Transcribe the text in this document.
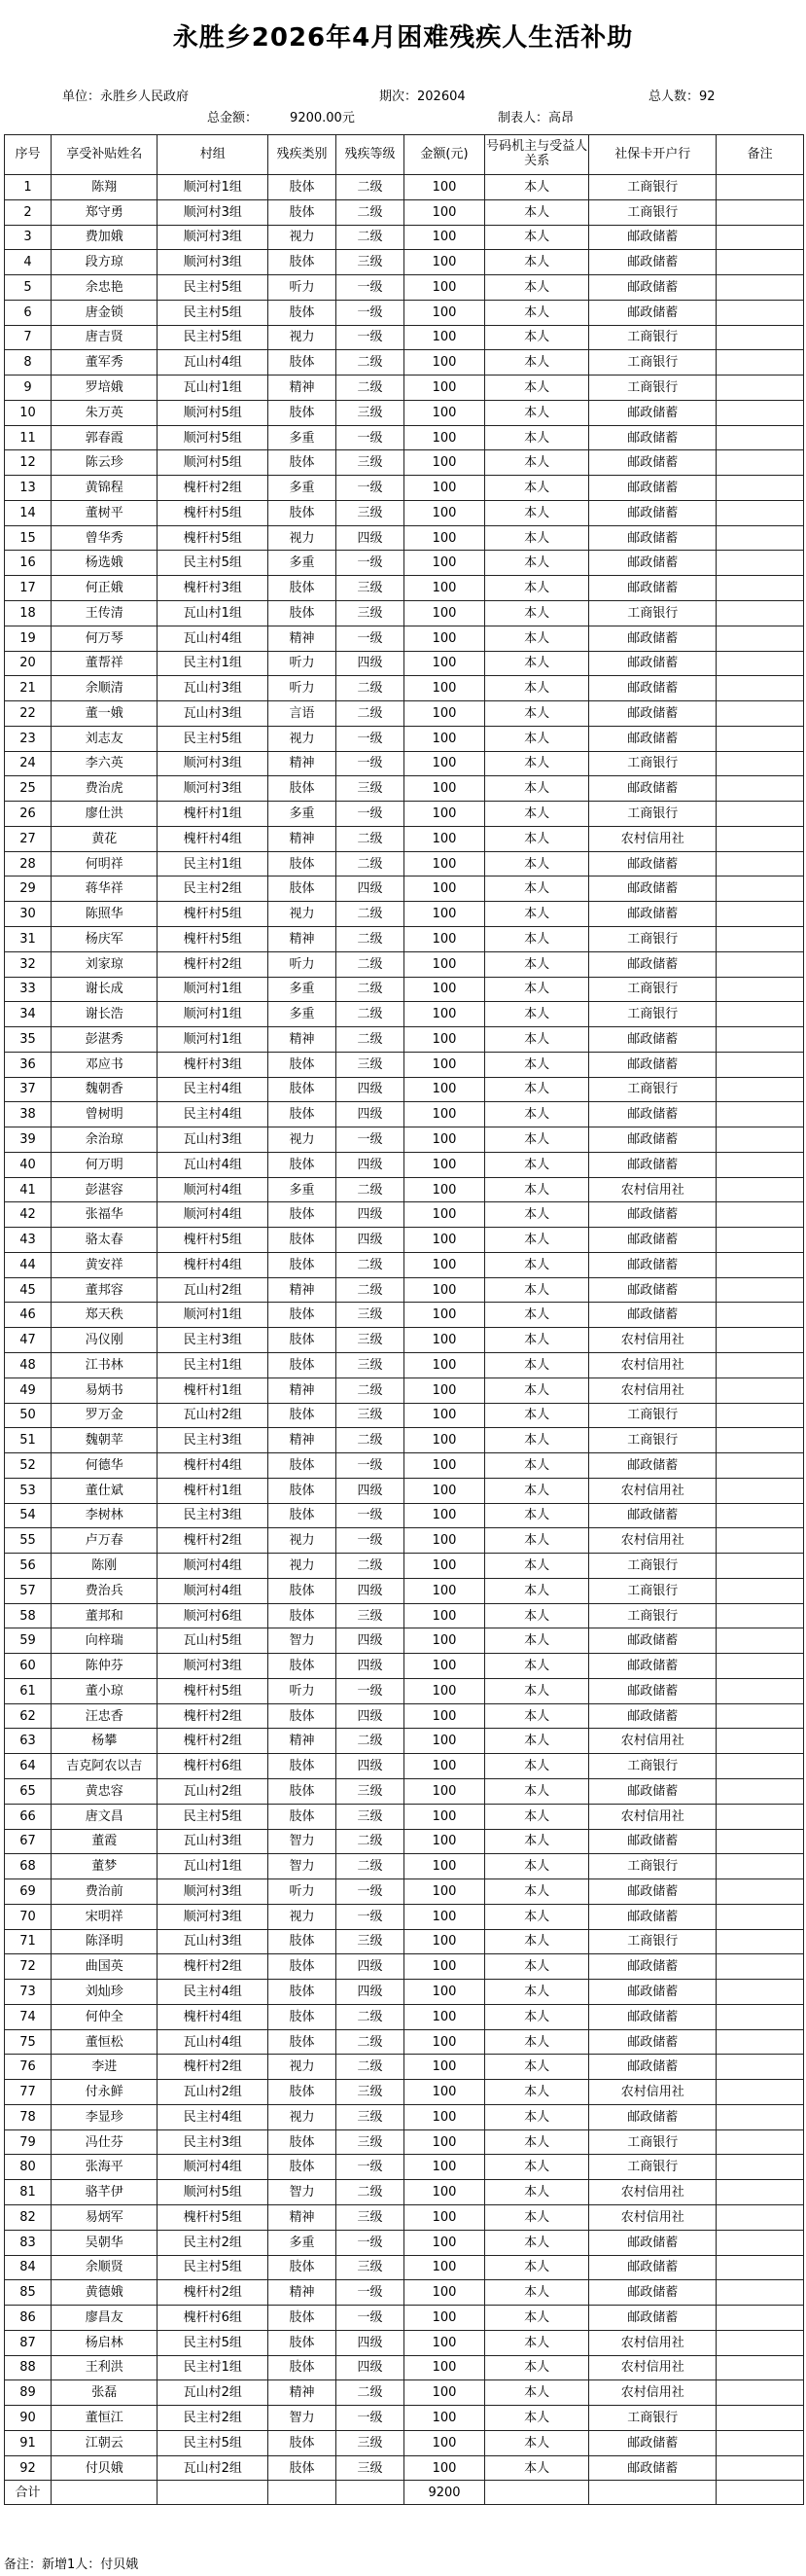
永胜乡2026年4月困难残疾人生活补助
单位：永胜乡人民政府	期次：202604	总人数：92
总金额：        9200.00元	制表人：高昂
序号	享受补贴姓名	村组	残疾类别	残疾等级	金额(元)	号码机主与受益人关系	社保卡开户行	备注
1	陈翔	顺河村1组	肢体	二级	100	本人	工商银行	
2	郑守勇	顺河村3组	肢体	二级	100	本人	工商银行	
3	费加娥	顺河村3组	视力	二级	100	本人	邮政储蓄	
4	段方琼	顺河村3组	肢体	三级	100	本人	邮政储蓄	
5	余忠艳	民主村5组	听力	一级	100	本人	邮政储蓄	
6	唐金锁	民主村5组	肢体	一级	100	本人	邮政储蓄	
7	唐吉贤	民主村5组	视力	一级	100	本人	工商银行	
8	董军秀	瓦山村4组	肢体	二级	100	本人	工商银行	
9	罗培娥	瓦山村1组	精神	二级	100	本人	工商银行	
10	朱万英	顺河村5组	肢体	三级	100	本人	邮政储蓄	
11	郭春霞	顺河村5组	多重	一级	100	本人	邮政储蓄	
12	陈云珍	顺河村5组	肢体	三级	100	本人	邮政储蓄	
13	黄锦程	槐杆村2组	多重	一级	100	本人	邮政储蓄	
14	董树平	槐杆村5组	肢体	三级	100	本人	邮政储蓄	
15	曾华秀	槐杆村5组	视力	四级	100	本人	邮政储蓄	
16	杨选娥	民主村5组	多重	一级	100	本人	邮政储蓄	
17	何正娥	槐杆村3组	肢体	三级	100	本人	邮政储蓄	
18	王传清	瓦山村1组	肢体	三级	100	本人	工商银行	
19	何万琴	瓦山村4组	精神	一级	100	本人	邮政储蓄	
20	董帮祥	民主村1组	听力	四级	100	本人	邮政储蓄	
21	余顺清	瓦山村3组	听力	二级	100	本人	邮政储蓄	
22	董一娥	瓦山村3组	言语	二级	100	本人	邮政储蓄	
23	刘志友	民主村5组	视力	一级	100	本人	邮政储蓄	
24	李六英	顺河村3组	精神	一级	100	本人	工商银行	
25	费治虎	顺河村3组	肢体	三级	100	本人	邮政储蓄	
26	廖仕洪	槐杆村1组	多重	一级	100	本人	工商银行	
27	黄花	槐杆村4组	精神	二级	100	本人	农村信用社	
28	何明祥	民主村1组	肢体	二级	100	本人	邮政储蓄	
29	蒋华祥	民主村2组	肢体	四级	100	本人	邮政储蓄	
30	陈照华	槐杆村5组	视力	二级	100	本人	邮政储蓄	
31	杨庆军	槐杆村5组	精神	二级	100	本人	工商银行	
32	刘家琼	槐杆村2组	听力	二级	100	本人	邮政储蓄	
33	谢长成	顺河村1组	多重	二级	100	本人	工商银行	
34	谢长浩	顺河村1组	多重	二级	100	本人	工商银行	
35	彭湛秀	顺河村1组	精神	二级	100	本人	邮政储蓄	
36	邓应书	槐杆村3组	肢体	三级	100	本人	邮政储蓄	
37	魏朝香	民主村4组	肢体	四级	100	本人	工商银行	
38	曾树明	民主村4组	肢体	四级	100	本人	邮政储蓄	
39	余治琼	瓦山村3组	视力	一级	100	本人	邮政储蓄	
40	何万明	瓦山村4组	肢体	四级	100	本人	邮政储蓄	
41	彭湛容	顺河村4组	多重	二级	100	本人	农村信用社	
42	张福华	顺河村4组	肢体	四级	100	本人	邮政储蓄	
43	骆太春	槐杆村5组	肢体	四级	100	本人	邮政储蓄	
44	黄安祥	槐杆村4组	肢体	二级	100	本人	邮政储蓄	
45	董邦容	瓦山村2组	精神	二级	100	本人	邮政储蓄	
46	郑天秩	顺河村1组	肢体	三级	100	本人	邮政储蓄	
47	冯仪刚	民主村3组	肢体	三级	100	本人	农村信用社	
48	江书林	民主村1组	肢体	三级	100	本人	农村信用社	
49	易炳书	槐杆村1组	精神	二级	100	本人	农村信用社	
50	罗万金	瓦山村2组	肢体	三级	100	本人	工商银行	
51	魏朝苹	民主村3组	精神	二级	100	本人	工商银行	
52	何德华	槐杆村4组	肢体	一级	100	本人	邮政储蓄	
53	董仕斌	槐杆村1组	肢体	四级	100	本人	农村信用社	
54	李树林	民主村3组	肢体	一级	100	本人	邮政储蓄	
55	卢万春	槐杆村2组	视力	一级	100	本人	农村信用社	
56	陈刚	顺河村4组	视力	二级	100	本人	工商银行	
57	费治兵	顺河村4组	肢体	四级	100	本人	工商银行	
58	董邦和	顺河村6组	肢体	三级	100	本人	工商银行	
59	向梓瑞	瓦山村5组	智力	四级	100	本人	邮政储蓄	
60	陈仲芬	顺河村3组	肢体	四级	100	本人	邮政储蓄	
61	董小琼	槐杆村5组	听力	一级	100	本人	邮政储蓄	
62	汪忠香	槐杆村2组	肢体	四级	100	本人	邮政储蓄	
63	杨攀	槐杆村2组	精神	二级	100	本人	农村信用社	
64	吉克阿农以吉	槐杆村6组	肢体	四级	100	本人	工商银行	
65	黄忠容	瓦山村2组	肢体	三级	100	本人	邮政储蓄	
66	唐文昌	民主村5组	肢体	三级	100	本人	农村信用社	
67	董霞	瓦山村3组	智力	二级	100	本人	邮政储蓄	
68	董梦	瓦山村1组	智力	二级	100	本人	工商银行	
69	费治前	顺河村3组	听力	一级	100	本人	邮政储蓄	
70	宋明祥	顺河村3组	视力	一级	100	本人	邮政储蓄	
71	陈泽明	瓦山村3组	肢体	三级	100	本人	工商银行	
72	曲国英	槐杆村2组	肢体	四级	100	本人	邮政储蓄	
73	刘灿珍	民主村4组	肢体	四级	100	本人	邮政储蓄	
74	何仲全	槐杆村4组	肢体	二级	100	本人	邮政储蓄	
75	董恒松	瓦山村4组	肢体	二级	100	本人	邮政储蓄	
76	李进	槐杆村2组	视力	二级	100	本人	邮政储蓄	
77	付永鲜	瓦山村2组	肢体	三级	100	本人	农村信用社	
78	李显珍	民主村4组	视力	三级	100	本人	邮政储蓄	
79	冯仕芬	民主村3组	肢体	三级	100	本人	工商银行	
80	张海平	顺河村4组	肢体	一级	100	本人	工商银行	
81	骆芊伊	顺河村5组	智力	二级	100	本人	农村信用社	
82	易炳军	槐杆村5组	精神	三级	100	本人	农村信用社	
83	吴朝华	民主村2组	多重	一级	100	本人	邮政储蓄	
84	余顺贤	民主村5组	肢体	三级	100	本人	邮政储蓄	
85	黄德娥	槐杆村2组	精神	一级	100	本人	邮政储蓄	
86	廖昌友	槐杆村6组	肢体	一级	100	本人	邮政储蓄	
87	杨启林	民主村5组	肢体	四级	100	本人	农村信用社	
88	王利洪	民主村1组	肢体	四级	100	本人	农村信用社	
89	张磊	瓦山村2组	精神	二级	100	本人	农村信用社	
90	董恒江	民主村2组	智力	一级	100	本人	工商银行	
91	江朝云	民主村5组	肢体	三级	100	本人	邮政储蓄	
92	付贝娥	瓦山村2组	肢体	三级	100	本人	邮政储蓄	
合计					9200			
备注：新增1人：付贝娥
